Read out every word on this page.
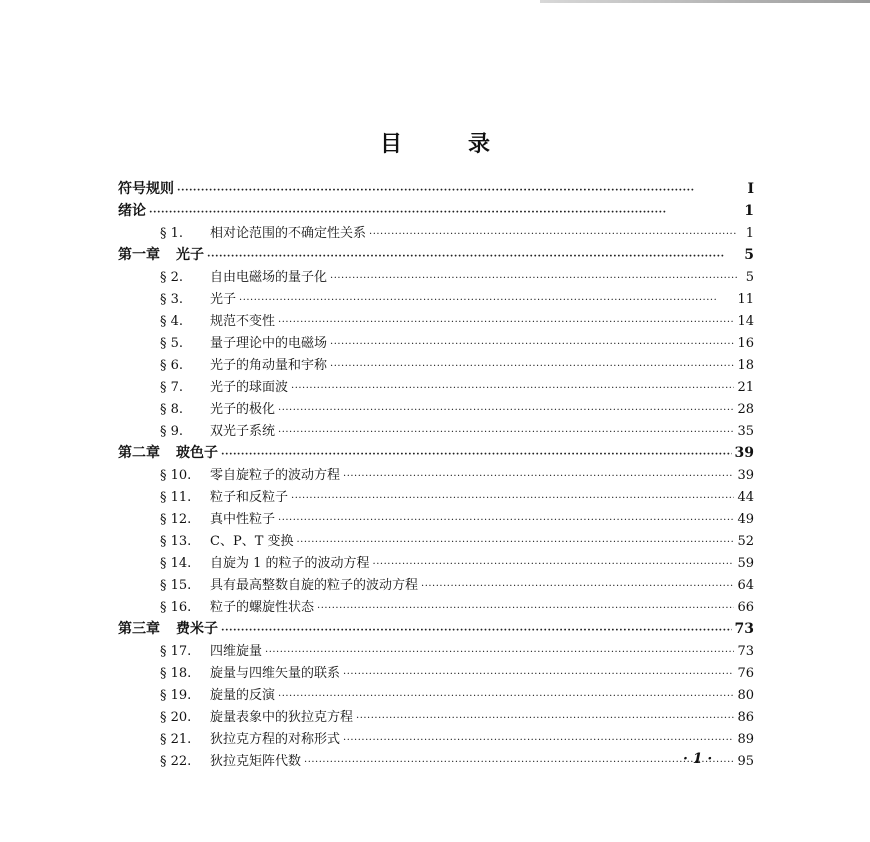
目	录
符号规则 ·····	I
绪论 ·····	1
§ 1. 相对论范围的不确定性关系 ·····	1
第一章 光子 ·····	5
§ 2. 自由电磁场的量子化 ·····	5
§ 3. 光子 ·····	11
§ 4. 规范不变性 ·····	14
§ 5. 量子理论中的电磁场 ·····	16
§ 6. 光子的角动量和宇称 ·····	18
§ 7. 光子的球面波 ·····	21
§ 8. 光子的极化 ·····	28
§ 9. 双光子系统 ·····	35
第二章 玻色子 ·····	39
§ 10. 零自旋粒子的波动方程 ·····	39
§ 11. 粒子和反粒子 ·····	44
§ 12. 真中性粒子 ·····	49
§ 13. C、P、T 变换 ·····	52
§ 14. 自旋为 1 的粒子的波动方程 ·····	59
§ 15. 具有最高整数自旋的粒子的波动方程 ·····	64
§ 16. 粒子的螺旋性状态 ·····	66
第三章 费米子 ·····	73
§ 17. 四维旋量 ·····	73
§ 18. 旋量与四维矢量的联系 ·····	76
§ 19. 旋量的反演 ·····	80
§ 20. 旋量表象中的狄拉克方程 ·····	86
§ 21. 狄拉克方程的对称形式 ·····	89
§ 22. 狄拉克矩阵代数 ·····	95
· 1 ·
